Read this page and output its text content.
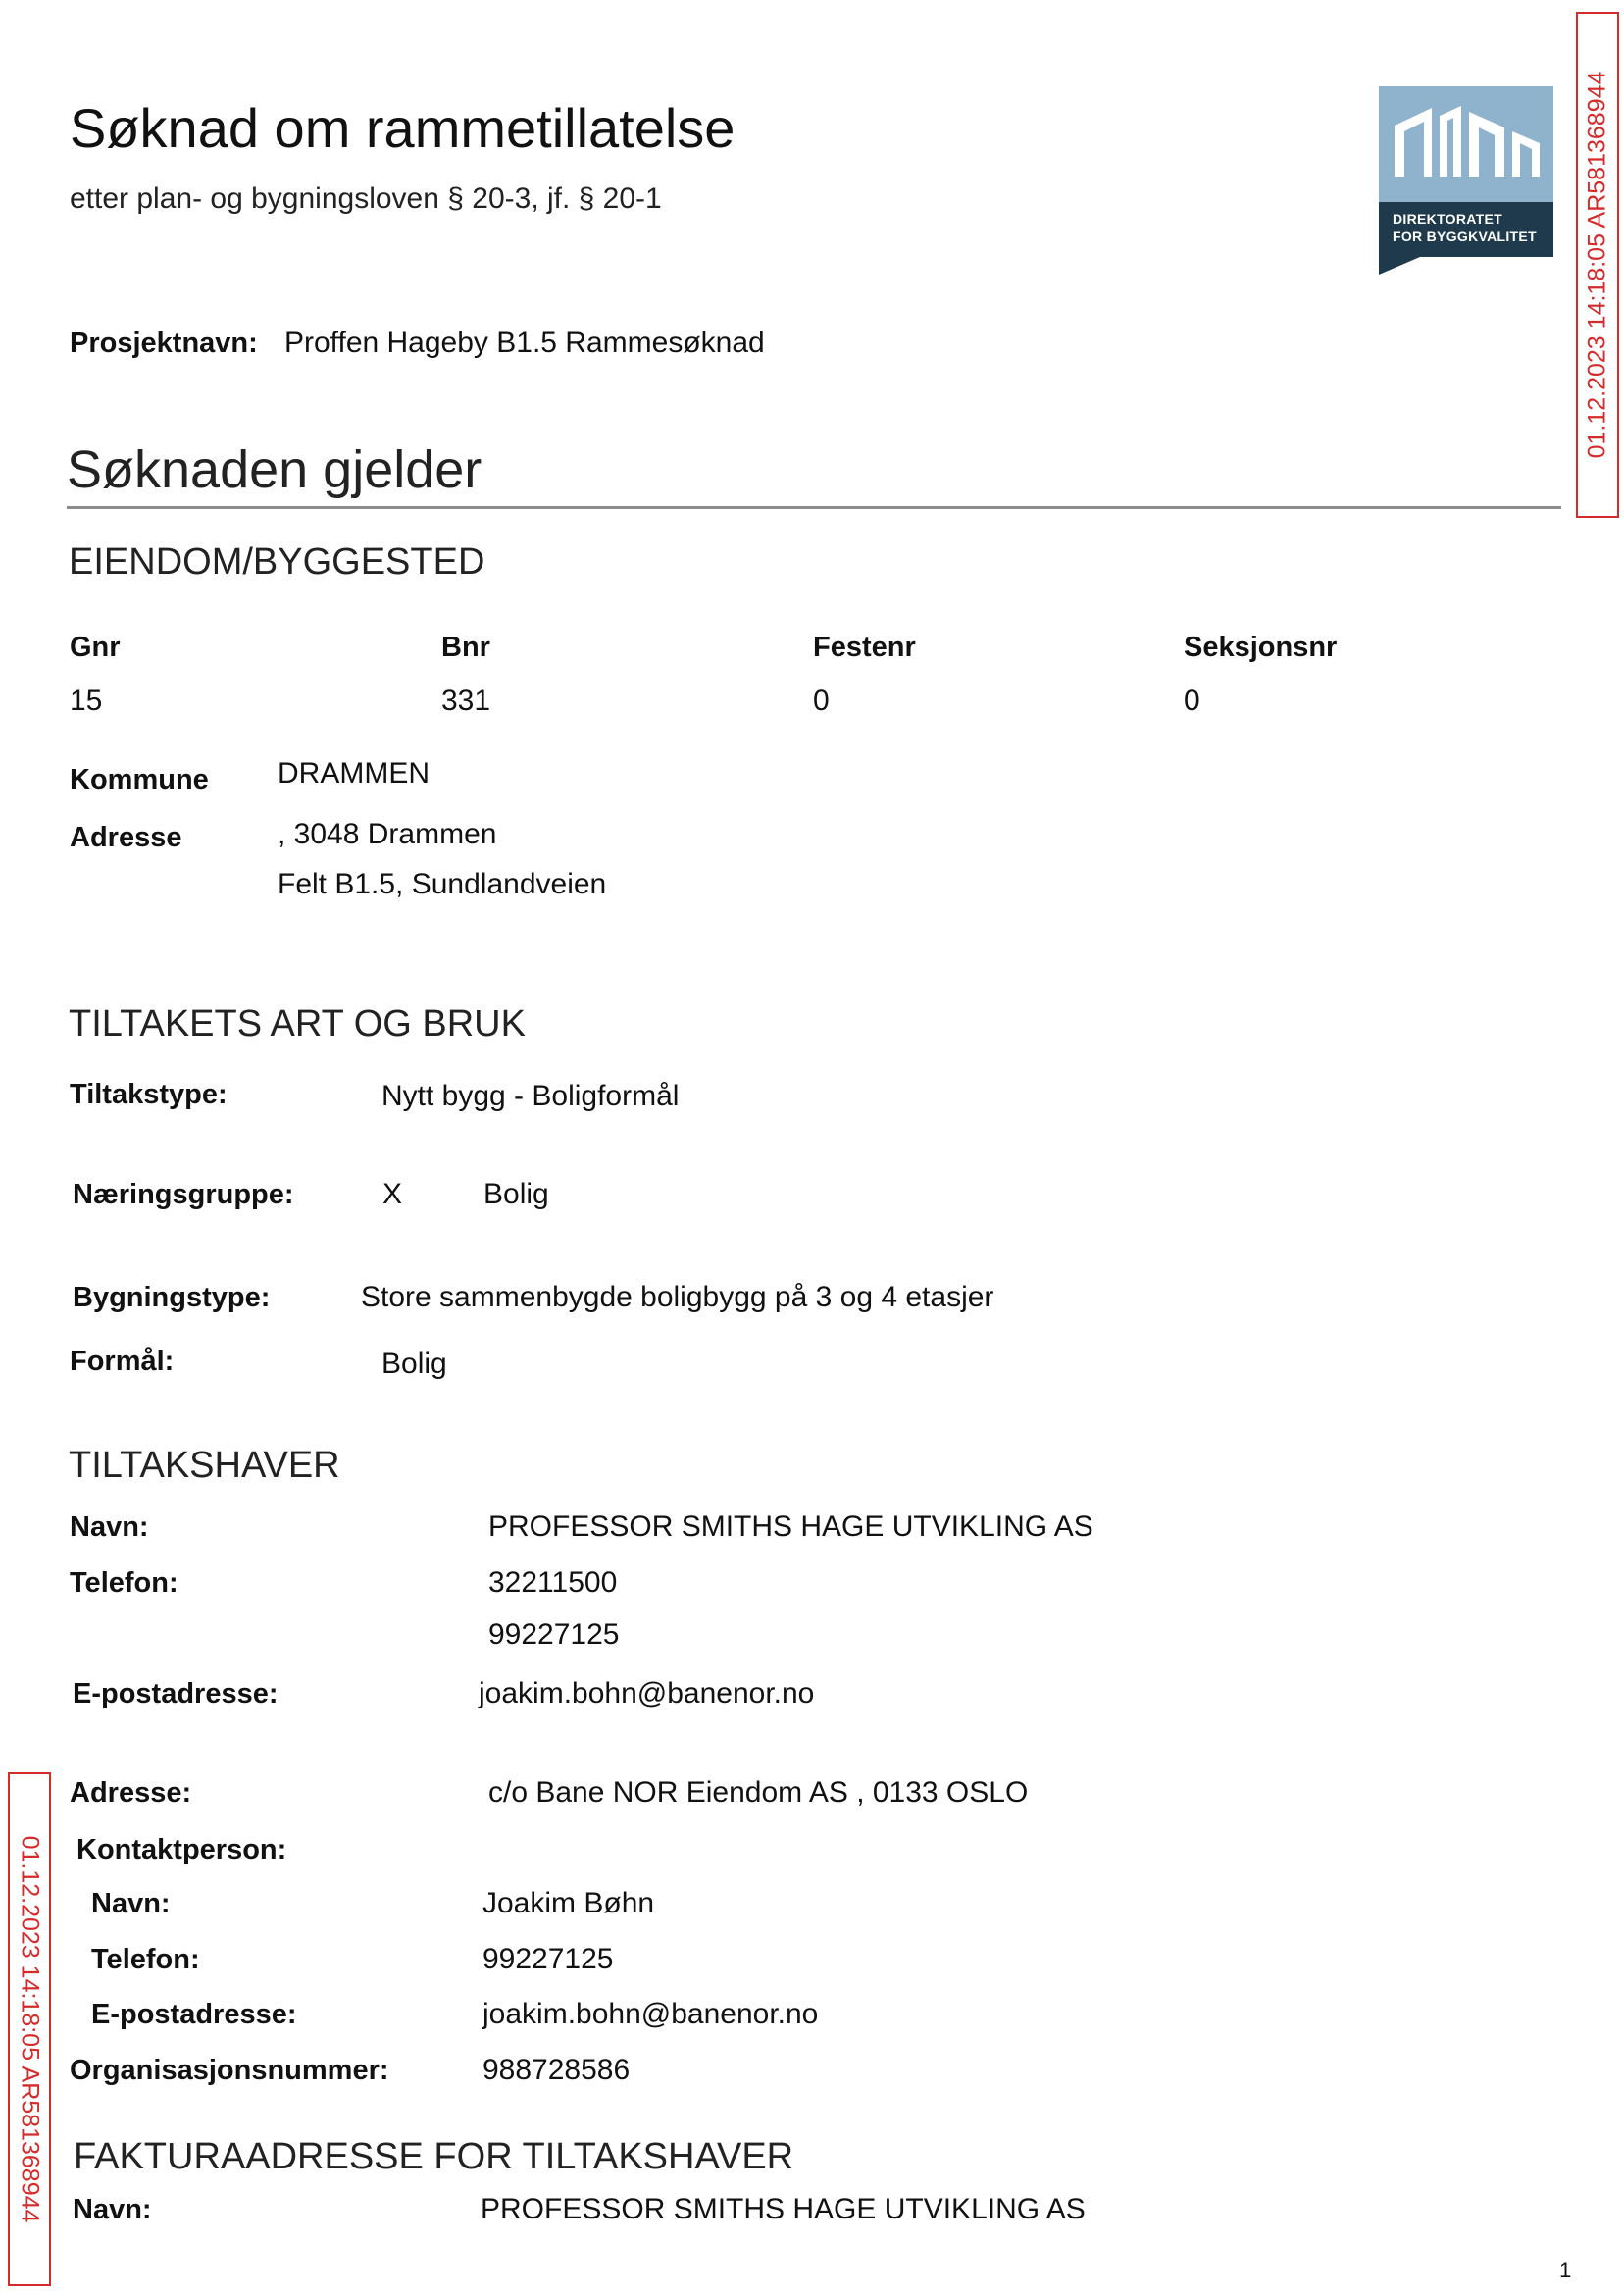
Søknad om rammetillatelse
etter plan- og bygningsloven § 20-3, jf. § 20-1
DIREKTORATET
FOR BYGGKVALITET 01.12.2023 14:18:05 AR581368944
01.12.2023 14:18:05 AR581368944
Prosjektnavn: Proffen Hageby B1.5 Rammesøknad
Søknaden gjelder
EIENDOM/BYGGESTED
Gnr	Bnr	Festenr	Seksjonsnr
15	331	0	0
Kommune DRAMMEN
Adresse	, 3048 Drammen
Felt B1.5, Sundlandveien
TILTAKETS ART OG BRUK
Tiltakstype:	Nytt bygg - Boligformål
Næringsgruppe:	X	Bolig
Bygningstype:	Store sammenbygde boligbygg på 3 og 4 etasjer
Formål:	Bolig
TILTAKSHAVER
Navn:	PROFESSOR SMITHS HAGE UTVIKLING AS
Telefon:	32211500
99227125
E-postadresse:	joakim.bohn@banenor.no
Adresse:	c/o Bane NOR Eiendom AS , 0133 OSLO
Kontaktperson:
Navn:	Joakim Bøhn
Telefon:	99227125
E-postadresse:	joakim.bohn@banenor.no
Organisasjonsnummer:	988728586
FAKTURAADRESSE FOR TILTAKSHAVER
Navn:	PROFESSOR SMITHS HAGE UTVIKLING AS
1
